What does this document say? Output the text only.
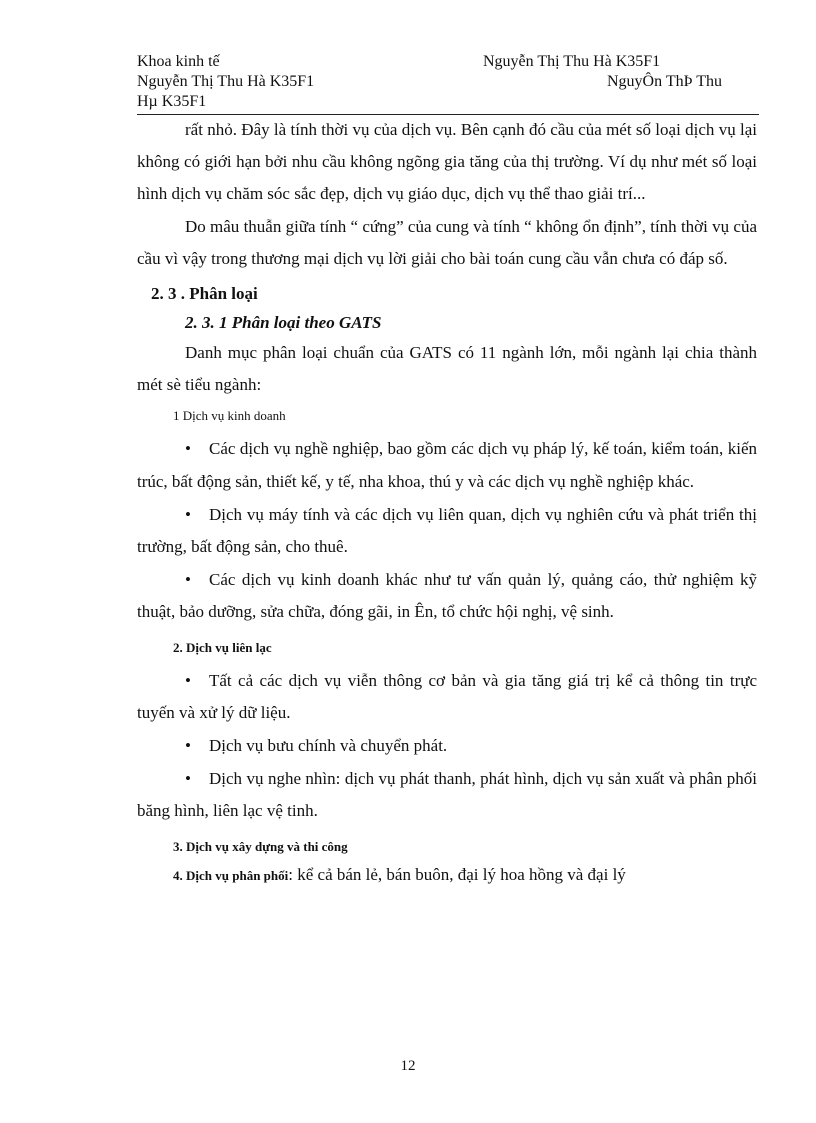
Khoa kinh tế	Nguyễn Thị Thu Hà K35F1
Nguyễn Thị Thu Hà K35F1	NguyÔn ThÞ Thu
Hµ K35F1

rất nhỏ. Đây là tính thời vụ của dịch vụ. Bên cạnh đó cầu của mét số loại dịch vụ lại không có giới hạn bởi nhu cầu không ngõng gia tăng của thị trường. Ví dụ như mét số loại hình dịch vụ chăm sóc sắc đẹp, dịch vụ giáo dục, dịch vụ thể thao giải trí...

Do mâu thuẫn giữa tính “ cứng” của cung và tính “ không ổn định”, tính thời vụ của cầu vì vậy trong thương mại dịch vụ lời giải cho bài toán cung cầu vẫn chưa có đáp số.

2. 3 . Phân loại

2. 3. 1 Phân loại theo GATS

Danh mục phân loại chuẩn của GATS có 11 ngành lớn, mỗi ngành lại chia thành mét sè tiểu ngành:

1 Dịch vụ kinh doanh

• Các dịch vụ nghề nghiệp, bao gồm các dịch vụ pháp lý, kế toán, kiểm toán, kiến trúc, bất động sản, thiết kế, y tế, nha khoa, thú y và các dịch vụ nghề nghiệp khác.

• Dịch vụ máy tính và các dịch vụ liên quan, dịch vụ nghiên cứu và phát triển thị trường, bất động sản, cho thuê.

• Các dịch vụ kinh doanh khác như tư vấn quản lý, quảng cáo, thử nghiệm kỹ thuật, bảo dưỡng, sửa chữa, đóng gãi, in Ên, tổ chức hội nghị, vệ sinh.

2. Dịch vụ liên lạc

• Tất cả các dịch vụ viễn thông cơ bản và gia tăng giá trị kể cả thông tin trực tuyến và xử lý dữ liệu.

• Dịch vụ bưu chính và chuyển phát.

• Dịch vụ nghe nhìn: dịch vụ phát thanh, phát hình, dịch vụ sản xuất và phân phối băng hình, liên lạc vệ tinh.

3. Dịch vụ xây dựng và thi công

4. Dịch vụ phân phối: kể cả bán lẻ, bán buôn, đại lý hoa hồng và đại lý

12
